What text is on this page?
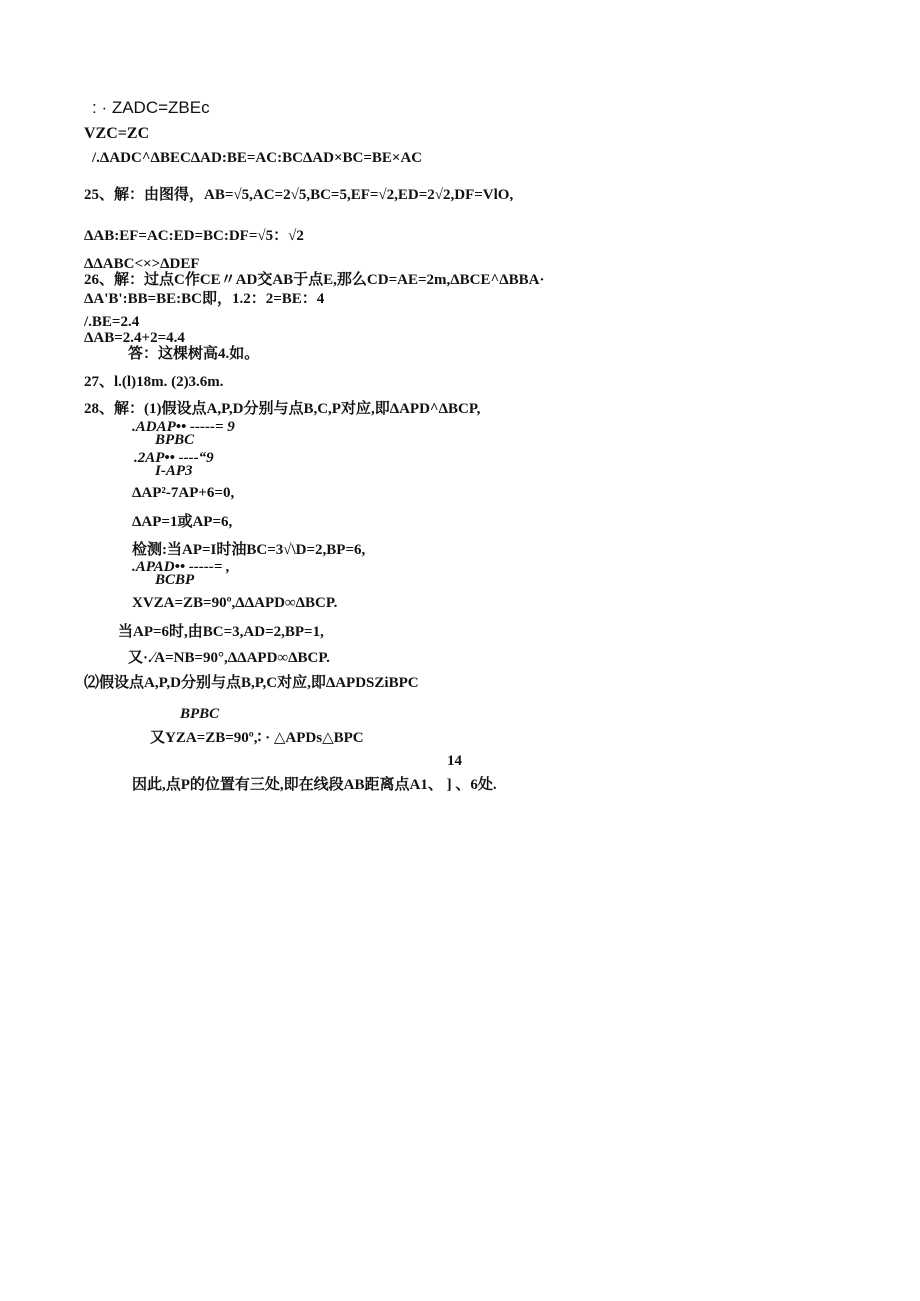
: · ZADC=ZBEc
VZC=ZC
/.ΔADC^ΔBECΔAD:BE=AC:BCΔAD×BC=BE×AC
25、解：由图得，AB=√5,AC=2√5,BC=5,EF=√2,ED=2√2,DF=VlO,
ΔAB:EF=AC:ED=BC:DF=√5：√2
ΔΔABC<×>ΔDEF
26、解：过点C作CE〃AD交AB于点E,那么CD=AE=2m,ΔBCE^ΔBBA·
ΔA'B':BB=BE:BC即，1.2：2=BE：4
/.BE=2.4
ΔAB=2.4+2=4.4
答：这棵树高4.如。
27、l.(l)18m. (2)3.6m.
28、解：(1)假设点A,P,D分别与点B,C,P对应,即ΔAPD^ΔBCP,
.ADAP•• -----= 9
BPBC
.2AP•• ----“9
I-AP3
ΔAP²-7AP+6=0,
ΔAP=1或AP=6,
检测:当AP=I时油BC=3√\D=2,BP=6,
.APAD•• -----= ,
BCBP
XVZA=ZB=90º,ΔΔAPD∞ΔBCP.
当AP=6时,由BC=3,AD=2,BP=1,
又·.∕A=NB=90°,ΔΔAPD∞ΔBCP.
⑵假设点A,P,D分别与点B,P,C对应,即ΔAPDSZiBPC
BPBC
又YZA=ZB=90º,∶ · △APDs△BPC
14
因此,点P的位置有三处,即在线段AB距离点A1、 ] 、6处.
